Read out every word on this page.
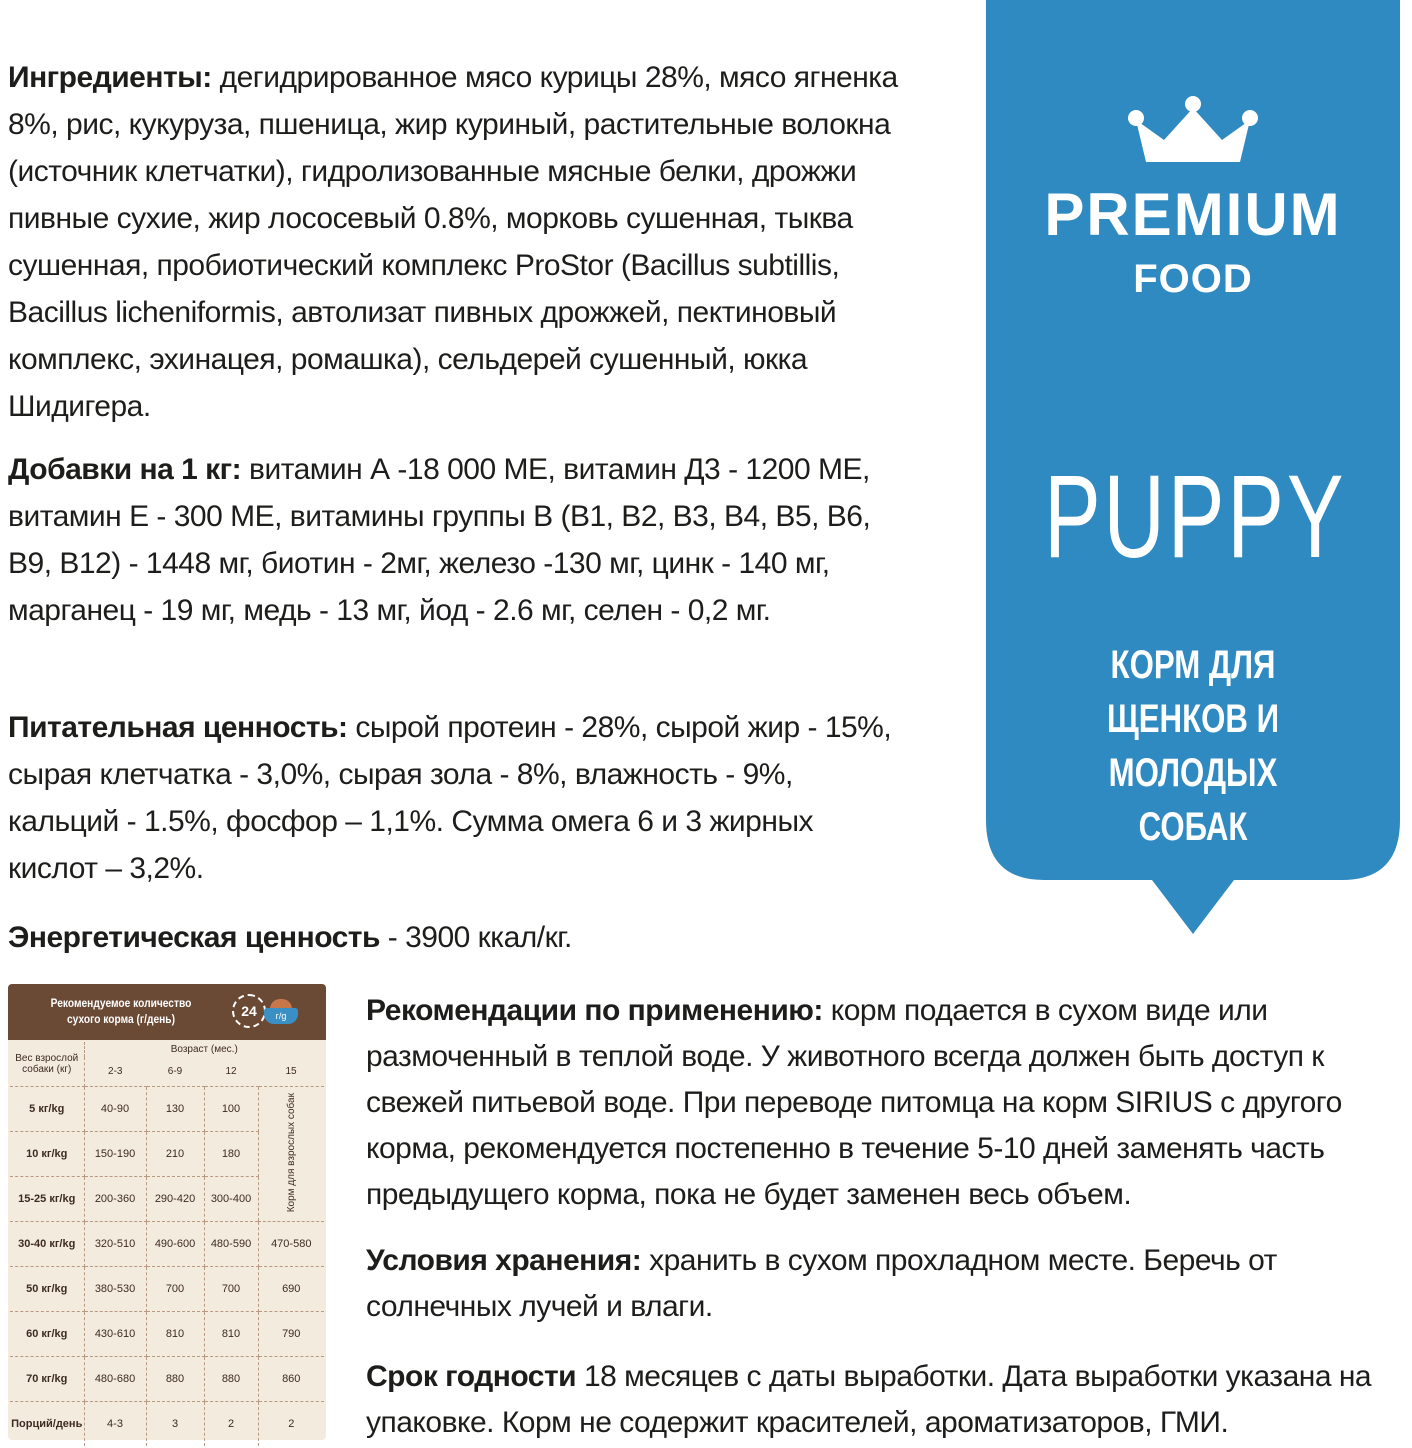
Ингредиенты: дегидрированное мясо курицы 28%, мясо ягненка 8%, рис, кукуруза, пшеница, жир куриный, растительные волокна (источник клетчатки), гидролизованные мясные белки, дрожжи пивные сухие, жир лососевый 0.8%, морковь сушенная, тыква сушенная, пробиотический комплекс ProStor (Bacillus subtillis, Bacillus licheniformis, автолизат пивных дрожжей, пектиновый комплекс, эхинацея, ромашка), сельдерей сушенный, юкка Шидигера.

Добавки на 1 кг: витамин А -18 000 МЕ, витамин Д3 - 1200 МЕ, витамин Е - 300 МЕ, витамины группы В (В1, В2, В3, В4, В5, В6, В9, В12) - 1448 мг, биотин - 2мг, железо -130 мг, цинк - 140 мг, марганец - 19 мг, медь - 13 мг, йод - 2.6 мг, селен - 0,2 мг.

Питательная ценность: сырой протеин - 28%, сырой жир - 15%, сырая клетчатка - 3,0%, сырая зола - 8%, влажность - 9%, кальций - 1.5%, фосфор – 1,1%. Сумма омега 6 и 3 жирных кислот – 3,2%.

Энергетическая ценность - 3900 ккал/кг.

PREMIUM
FOOD
PUPPY
КОРМ ДЛЯ
ЩЕНКОВ И МОЛОДЫХ
СОБАК
Рекомендуемое количество
сухого корма (г/день)	24	г/g
Вес взрослой собаки (кг)	Возраст (мес.)			
	2-3	6-9	12	15
5 кг/kg	40-90	130	100	Корм для взрослых собак
10 кг/kg	150-190	210	180	
15-25 кг/kg	200-360	290-420	300-400	
30-40 кг/kg	320-510	490-600	480-590	470-580
50 кг/kg	380-530	700	700	690
60 кг/kg	430-610	810	810	790
70 кг/kg	480-680	880	880	860
Порций/день	4-3	3	2	2

Рекомендации по применению: корм подается в сухом виде или размоченный в теплой воде. У животного всегда должен быть доступ к свежей питьевой воде. При переводе питомца на корм SIRIUS с другого корма, рекомендуется постепенно в течение 5-10 дней заменять часть предыдущего корма, пока не будет заменен весь объем.

Условия хранения: хранить в сухом прохладном месте. Беречь от солнечных лучей и влаги.

Срок годности 18 месяцев с даты выработки. Дата выработки указана на упаковке. Корм не содержит красителей, ароматизаторов, ГМИ.
